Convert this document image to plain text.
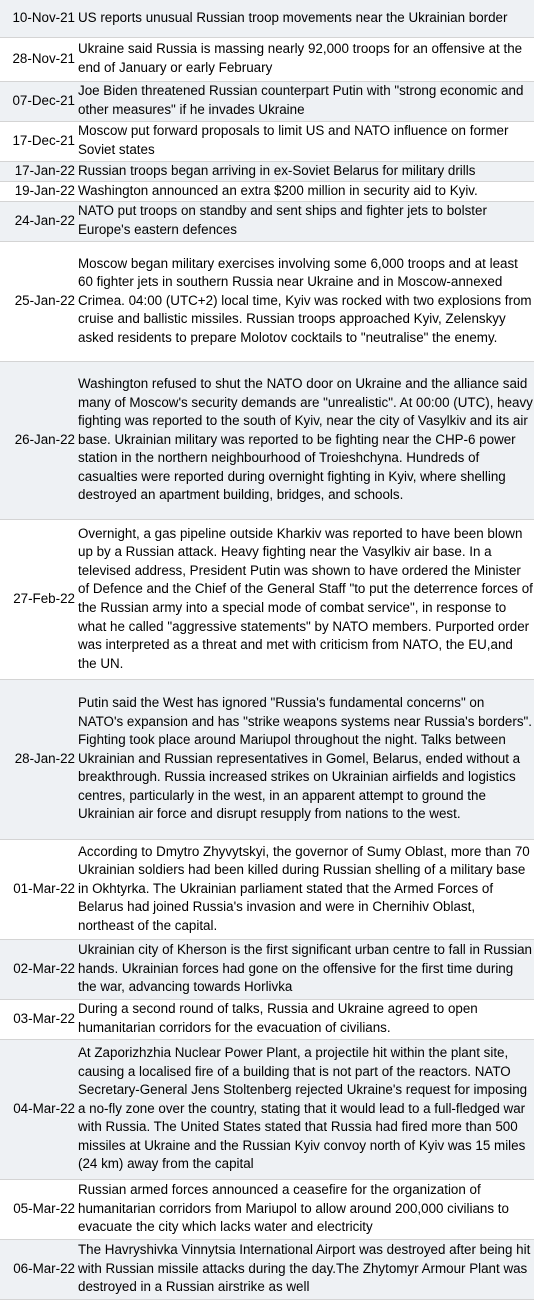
10-Nov-21	US reports unusual Russian troop movements near the Ukrainian border
28-Nov-21	Ukraine said Russia is massing nearly 92,000 troops for an offensive at the end of January or early February
07-Dec-21	Joe Biden threatened Russian counterpart Putin with "strong economic and other measures" if he invades Ukraine
17-Dec-21	Moscow put forward proposals to limit US and NATO influence on former Soviet states
17-Jan-22	Russian troops began arriving in ex-Soviet Belarus for military drills
19-Jan-22	Washington announced an extra $200 million in security aid to Kyiv.
24-Jan-22	NATO put troops on standby and sent ships and fighter jets to bolster Europe's eastern defences
25-Jan-22	Moscow began military exercises involving some 6,000 troops and at least 60 fighter jets in southern Russia near Ukraine and in Moscow-annexed Crimea. 04:00 (UTC+2) local time, Kyiv was rocked with two explosions from cruise and ballistic missiles. Russian troops approached Kyiv, Zelenskyy asked residents to prepare Molotov cocktails to "neutralise" the enemy.
26-Jan-22	Washington refused to shut the NATO door on Ukraine and the alliance said many of Moscow's security demands are "unrealistic". At 00:00 (UTC), heavy fighting was reported to the south of Kyiv, near the city of Vasylkiv and its air base. Ukrainian military was reported to be fighting near the CHP-6 power station in the northern neighbourhood of Troieshchyna. Hundreds of casualties were reported during overnight fighting in Kyiv, where shelling destroyed an apartment building, bridges, and schools.
27-Feb-22	Overnight, a gas pipeline outside Kharkiv was reported to have been blown up by a Russian attack. Heavy fighting near the Vasylkiv air base. In a televised address, President Putin was shown to have ordered the Minister of Defence and the Chief of the General Staff "to put the deterrence forces of the Russian army into a special mode of combat service", in response to what he called "aggressive statements" by NATO members. Purported order was interpreted as a threat and met with criticism from NATO, the EU,and the UN.
28-Jan-22	Putin said the West has ignored "Russia's fundamental concerns" on NATO's expansion and has "strike weapons systems near Russia's borders". Fighting took place around Mariupol throughout the night. Talks between Ukrainian and Russian representatives in Gomel, Belarus, ended without a breakthrough. Russia increased strikes on Ukrainian airfields and logistics centres, particularly in the west, in an apparent attempt to ground the Ukrainian air force and disrupt resupply from nations to the west.
01-Mar-22	According to Dmytro Zhyvytskyi, the governor of Sumy Oblast, more than 70 Ukrainian soldiers had been killed during Russian shelling of a military base in Okhtyrka. The Ukrainian parliament stated that the Armed Forces of Belarus had joined Russia's invasion and were in Chernihiv Oblast, northeast of the capital.
02-Mar-22	Ukrainian city of Kherson is the first significant urban centre to fall in Russian hands. Ukrainian forces had gone on the offensive for the first time during the war, advancing towards Horlivka
03-Mar-22	During a second round of talks, Russia and Ukraine agreed to open humanitarian corridors for the evacuation of civilians.
04-Mar-22	At Zaporizhzhia Nuclear Power Plant, a projectile hit within the plant site, causing a localised fire of a building that is not part of the reactors. NATO Secretary-General Jens Stoltenberg rejected Ukraine's request for imposing a no-fly zone over the country, stating that it would lead to a full-fledged war with Russia. The United States stated that Russia had fired more than 500 missiles at Ukraine and the Russian Kyiv convoy north of Kyiv was 15 miles (24 km) away from the capital
05-Mar-22	Russian armed forces announced a ceasefire for the organization of humanitarian corridors from Mariupol to allow around 200,000 civilians to evacuate the city which lacks water and electricity
06-Mar-22	The Havryshivka Vinnytsia International Airport was destroyed after being hit with Russian missile attacks during the day.The Zhytomyr Armour Plant was destroyed in a Russian airstrike as well
